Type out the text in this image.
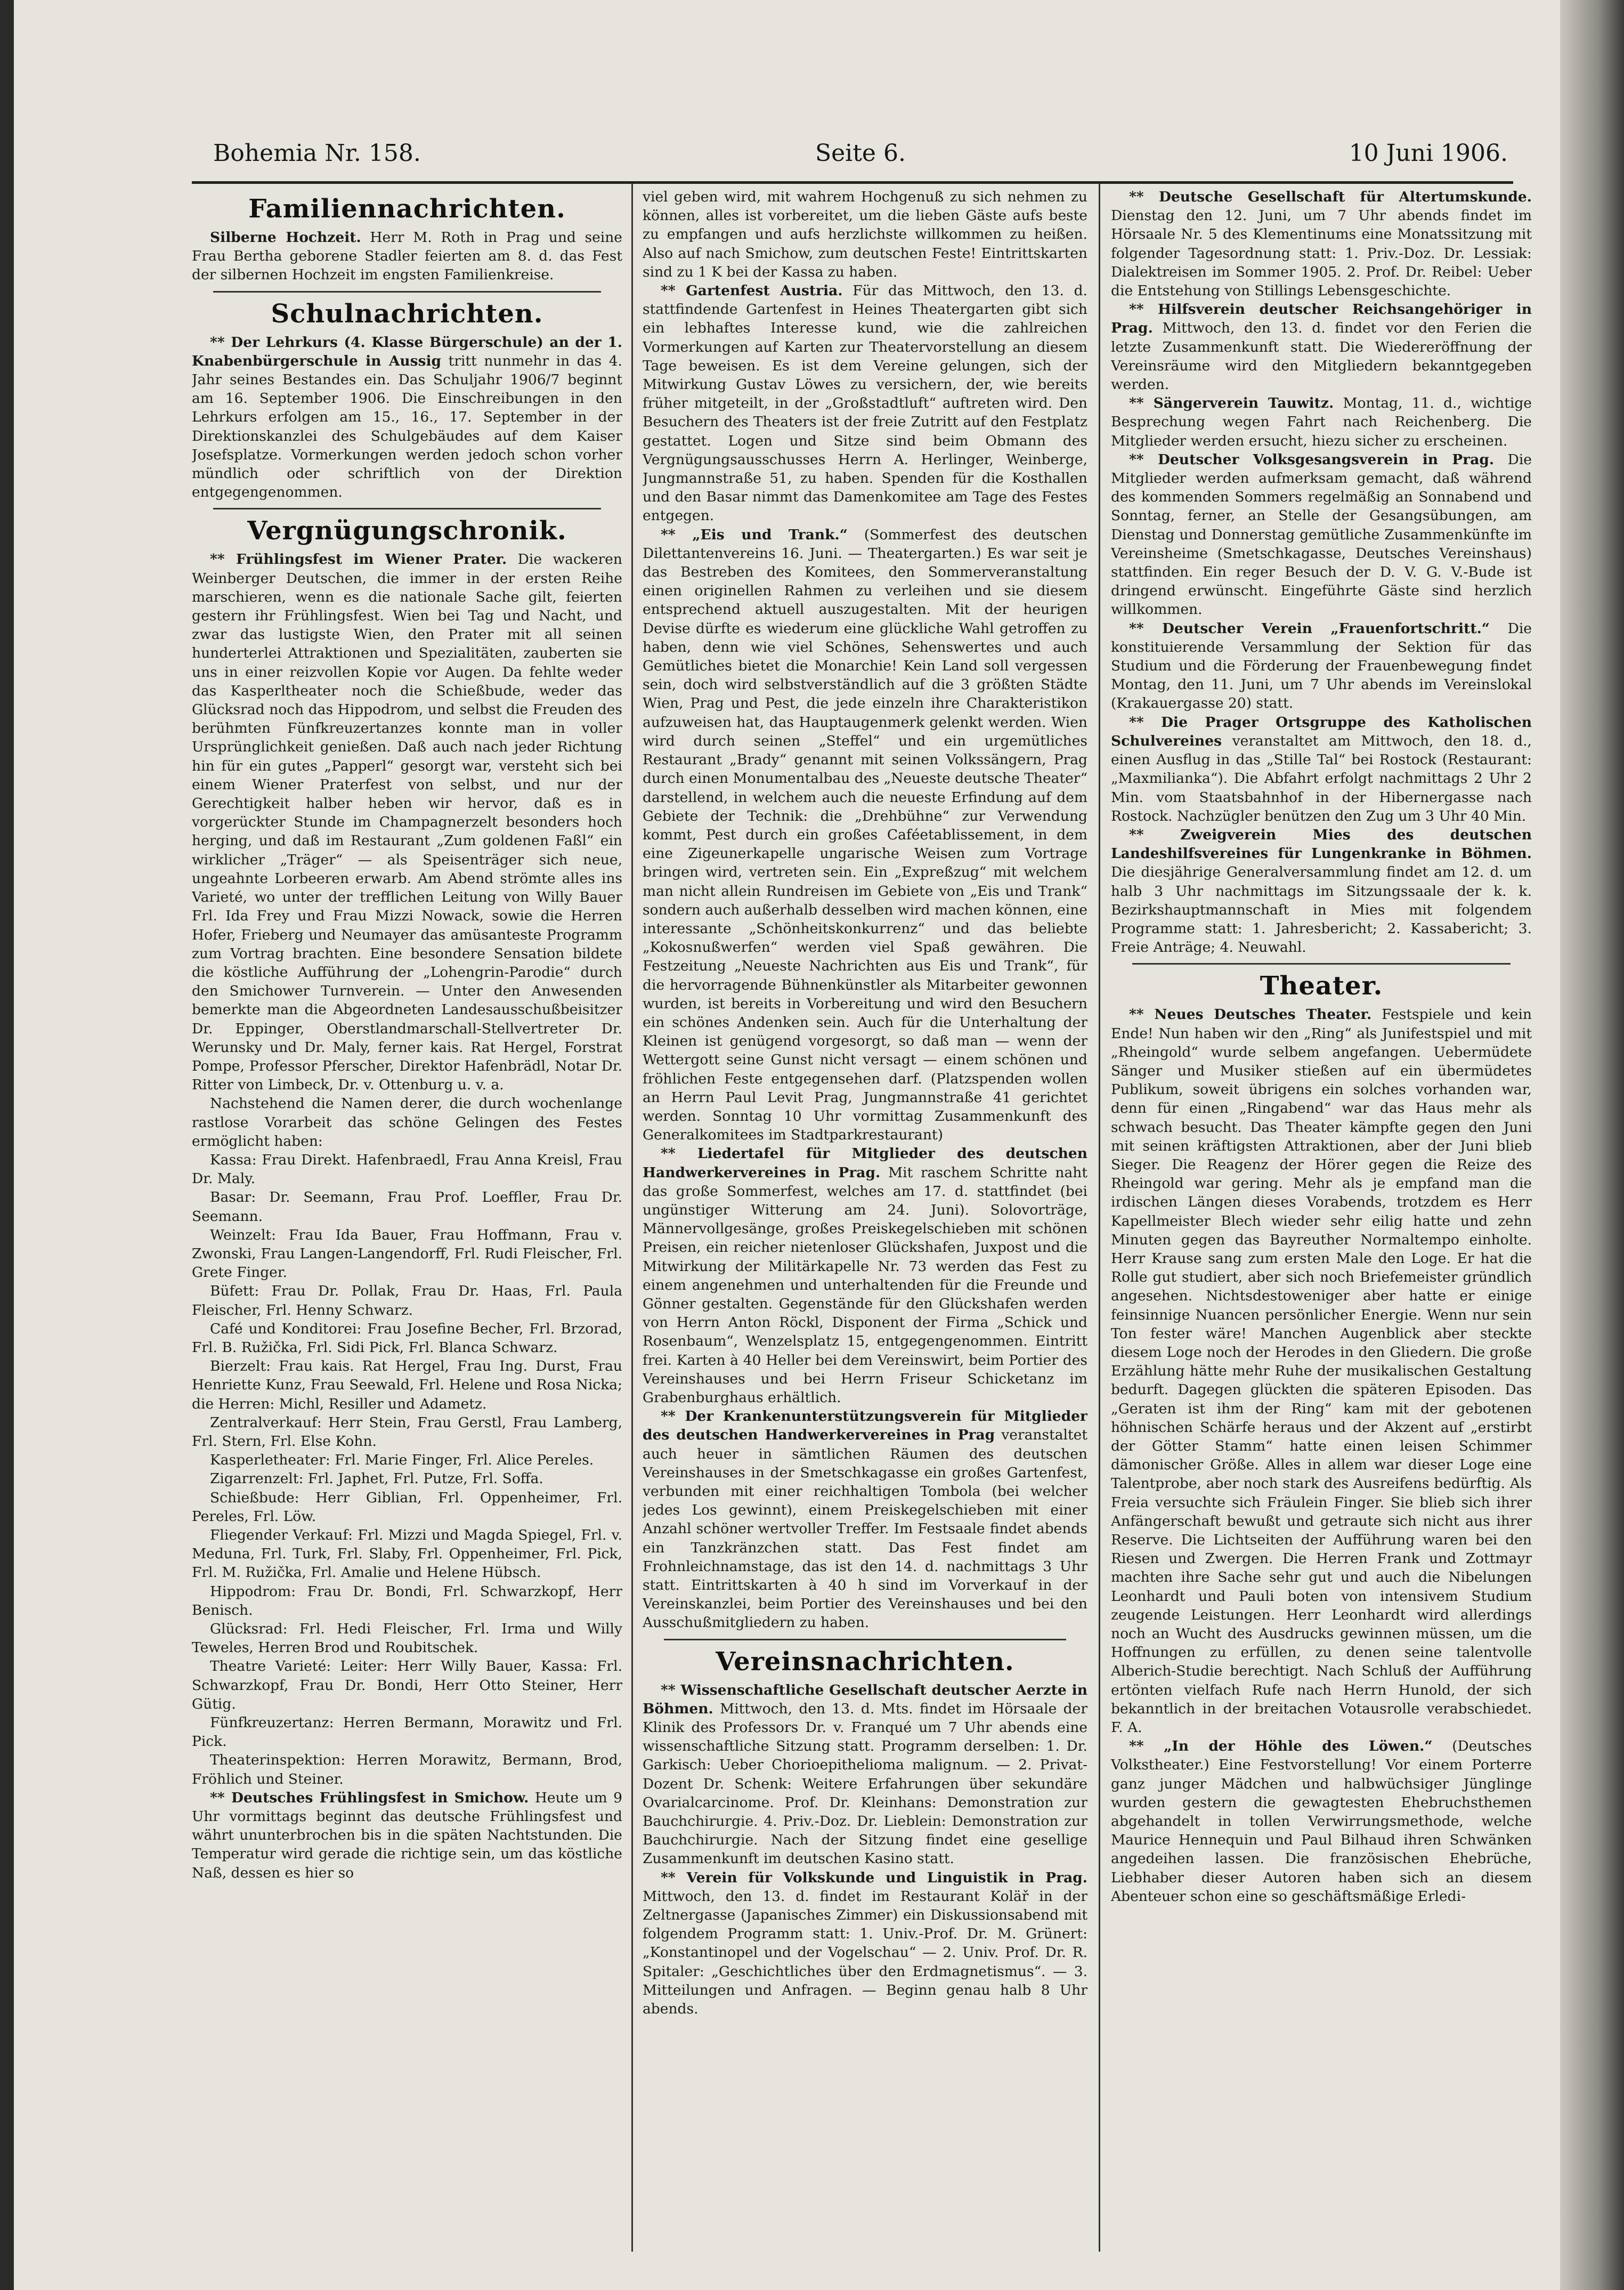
Bohemia Nr. 158.	Seite 6.	10 Juni 1906.
Familiennachrichten.

Silberne Hochzeit. Herr M. Roth in Prag und seine Frau Bertha geborene Stadler feierten am 8. d. das Fest der silbernen Hochzeit im engsten Familienkreise.

Schulnachrichten.

** Der Lehrkurs (4. Klasse Bürgerschule) an der 1. Knabenbürgerschule in Aussig tritt nunmehr in das 4. Jahr seines Bestandes ein. Das Schuljahr 1906/7 beginnt am 16. September 1906. Die Einschreibungen in den Lehrkurs erfolgen am 15., 16., 17. September in der Direktionskanzlei des Schulgebäudes auf dem Kaiser Josefsplatze. Vormerkungen werden jedoch schon vorher mündlich oder schriftlich von der Direktion entgegengenommen.

Vergnügungschronik.

** Frühlingsfest im Wiener Prater. Die wackeren Weinberger Deutschen, die immer in der ersten Reihe marschieren, wenn es die nationale Sache gilt, feierten gestern ihr Frühlingsfest. Wien bei Tag und Nacht, und zwar das lustigste Wien, den Prater mit all seinen hunderterlei Attraktionen und Spezialitäten, zauberten sie uns in einer reizvollen Kopie vor Augen. Da fehlte weder das Kasperltheater noch die Schießbude, weder das Glücksrad noch das Hippodrom, und selbst die Freuden des berühmten Fünfkreuzertanzes konnte man in voller Ursprünglichkeit genießen. Daß auch nach jeder Richtung hin für ein gutes „Papperl“ gesorgt war, versteht sich bei einem Wiener Praterfest von selbst, und nur der Gerechtigkeit halber heben wir hervor, daß es in vorgerückter Stunde im Champagnerzelt besonders hoch herging, und daß im Restaurant „Zum goldenen Faßl“ ein wirklicher „Träger“ — als Speisenträger sich neue, ungeahnte Lorbeeren erwarb. Am Abend strömte alles ins Varieté, wo unter der trefflichen Leitung von Willy Bauer Frl. Ida Frey und Frau Mizzi Nowack, sowie die Herren Hofer, Frieberg und Neumayer das amüsanteste Programm zum Vortrag brachten. Eine besondere Sensation bildete die köstliche Aufführung der „Lohengrin-Parodie“ durch den Smichower Turnverein. — Unter den Anwesenden bemerkte man die Abgeordneten Landesausschußbeisitzer Dr. Eppinger, Oberstlandmarschall-Stellvertreter Dr. Werunsky und Dr. Maly, ferner kais. Rat Hergel, Forstrat Pompe, Professor Pferscher, Direktor Hafenbrädl, Notar Dr. Ritter von Limbeck, Dr. v. Ottenburg u. v. a.

Nachstehend die Namen derer, die durch wochenlange rastlose Vorarbeit das schöne Gelingen des Festes ermöglicht haben:

Kassa: Frau Direkt. Hafenbraedl, Frau Anna Kreisl, Frau Dr. Maly.

Basar: Dr. Seemann, Frau Prof. Loeffler, Frau Dr. Seemann.

Weinzelt: Frau Ida Bauer, Frau Hoffmann, Frau v. Zwonski, Frau Langen-Langendorff, Frl. Rudi Fleischer, Frl. Grete Finger.

Büfett: Frau Dr. Pollak, Frau Dr. Haas, Frl. Paula Fleischer, Frl. Henny Schwarz.

Café und Konditorei: Frau Josefine Becher, Frl. Brzorad, Frl. B. Ružička, Frl. Sidi Pick, Frl. Blanca Schwarz.

Bierzelt: Frau kais. Rat Hergel, Frau Ing. Durst, Frau Henriette Kunz, Frau Seewald, Frl. Helene und Rosa Nicka; die Herren: Michl, Resiller und Adametz.

Zentralverkauf: Herr Stein, Frau Gerstl, Frau Lamberg, Frl. Stern, Frl. Else Kohn.

Kasperletheater: Frl. Marie Finger, Frl. Alice Pereles.

Zigarrenzelt: Frl. Japhet, Frl. Putze, Frl. Soffa.

Schießbude: Herr Giblian, Frl. Oppenheimer, Frl. Pereles, Frl. Löw.

Fliegender Verkauf: Frl. Mizzi und Magda Spiegel, Frl. v. Meduna, Frl. Turk, Frl. Slaby, Frl. Oppenheimer, Frl. Pick, Frl. M. Ružička, Frl. Amalie und Helene Hübsch.

Hippodrom: Frau Dr. Bondi, Frl. Schwarzkopf, Herr Benisch.

Glücksrad: Frl. Hedi Fleischer, Frl. Irma und Willy Teweles, Herren Brod und Roubitschek.

Theatre Varieté: Leiter: Herr Willy Bauer, Kassa: Frl. Schwarzkopf, Frau Dr. Bondi, Herr Otto Steiner, Herr Gütig.

Fünfkreuzertanz: Herren Bermann, Morawitz und Frl. Pick.

Theaterinspektion: Herren Morawitz, Bermann, Brod, Fröhlich und Steiner.

** Deutsches Frühlingsfest in Smichow. Heute um 9 Uhr vormittags beginnt das deutsche Frühlingsfest und währt ununterbrochen bis in die späten Nachtstunden. Die Temperatur wird gerade die richtige sein, um das köstliche Naß, dessen es hier so

viel geben wird, mit wahrem Hochgenuß zu sich nehmen zu können, alles ist vorbereitet, um die lieben Gäste aufs beste zu empfangen und aufs herzlichste willkommen zu heißen. Also auf nach Smichow, zum deutschen Feste! Eintrittskarten sind zu 1 K bei der Kassa zu haben.

** Gartenfest Austria. Für das Mittwoch, den 13. d. stattfindende Gartenfest in Heines Theatergarten gibt sich ein lebhaftes Interesse kund, wie die zahlreichen Vormerkungen auf Karten zur Theatervorstellung an diesem Tage beweisen. Es ist dem Vereine gelungen, sich der Mitwirkung Gustav Löwes zu versichern, der, wie bereits früher mitgeteilt, in der „Großstadtluft“ auftreten wird. Den Besuchern des Theaters ist der freie Zutritt auf den Festplatz gestattet. Logen und Sitze sind beim Obmann des Vergnügungsausschusses Herrn A. Herlinger, Weinberge, Jungmannstraße 51, zu haben. Spenden für die Kosthallen und den Basar nimmt das Damenkomitee am Tage des Festes entgegen.

** „Eis und Trank.“ (Sommerfest des deutschen Dilettantenvereins 16. Juni. — Theatergarten.) Es war seit je das Bestreben des Komitees, den Sommerveranstaltung einen originellen Rahmen zu verleihen und sie diesem entsprechend aktuell auszugestalten. Mit der heurigen Devise dürfte es wiederum eine glückliche Wahl getroffen zu haben, denn wie viel Schönes, Sehenswertes und auch Gemütliches bietet die Monarchie! Kein Land soll vergessen sein, doch wird selbstverständlich auf die 3 größten Städte Wien, Prag und Pest, die jede einzeln ihre Charakteristikon aufzuweisen hat, das Hauptaugenmerk gelenkt werden. Wien wird durch seinen „Steffel“ und ein urgemütliches Restaurant „Brady“ genannt mit seinen Volkssängern, Prag durch einen Monumentalbau des „Neueste deutsche Theater“ darstellend, in welchem auch die neueste Erfindung auf dem Gebiete der Technik: die „Drehbühne“ zur Verwendung kommt, Pest durch ein großes Caféetablissement, in dem eine Zigeunerkapelle ungarische Weisen zum Vortrage bringen wird, vertreten sein. Ein „Expreßzug“ mit welchem man nicht allein Rundreisen im Gebiete von „Eis und Trank“ sondern auch außerhalb desselben wird machen können, eine interessante „Schönheitskonkurrenz“ und das beliebte „Kokosnußwerfen“ werden viel Spaß gewähren. Die Festzeitung „Neueste Nachrichten aus Eis und Trank“, für die hervorragende Bühnenkünstler als Mitarbeiter gewonnen wurden, ist bereits in Vorbereitung und wird den Besuchern ein schönes Andenken sein. Auch für die Unterhaltung der Kleinen ist genügend vorgesorgt, so daß man — wenn der Wettergott seine Gunst nicht versagt — einem schönen und fröhlichen Feste entgegensehen darf. (Platzspenden wollen an Herrn Paul Levit Prag, Jungmannstraße 41 gerichtet werden. Sonntag 10 Uhr vormittag Zusammenkunft des Generalkomitees im Stadtparkrestaurant)

** Liedertafel für Mitglieder des deutschen Handwerkervereines in Prag. Mit raschem Schritte naht das große Sommerfest, welches am 17. d. stattfindet (bei ungünstiger Witterung am 24. Juni). Solovorträge, Männervollgesänge, großes Preiskegelschieben mit schönen Preisen, ein reicher nietenloser Glückshafen, Juxpost und die Mitwirkung der Militärkapelle Nr. 73 werden das Fest zu einem angenehmen und unterhaltenden für die Freunde und Gönner gestalten. Gegenstände für den Glückshafen werden von Herrn Anton Röckl, Disponent der Firma „Schick und Rosenbaum“, Wenzelsplatz 15, entgegengenommen. Eintritt frei. Karten à 40 Heller bei dem Vereinswirt, beim Portier des Vereinshauses und bei Herrn Friseur Schicketanz im Grabenburghaus erhältlich.

** Der Krankenunterstützungsverein für Mitglieder des deutschen Handwerkervereines in Prag veranstaltet auch heuer in sämtlichen Räumen des deutschen Vereinshauses in der Smetschkagasse ein großes Gartenfest, verbunden mit einer reichhaltigen Tombola (bei welcher jedes Los gewinnt), einem Preiskegelschieben mit einer Anzahl schöner wertvoller Treffer. Im Festsaale findet abends ein Tanzkränzchen statt. Das Fest findet am Frohnleichnamstage, das ist den 14. d. nachmittags 3 Uhr statt. Eintrittskarten à 40 h sind im Vorverkauf in der Vereinskanzlei, beim Portier des Vereinshauses und bei den Ausschußmitgliedern zu haben.

Vereinsnachrichten.

** Wissenschaftliche Gesellschaft deutscher Aerzte in Böhmen. Mittwoch, den 13. d. Mts. findet im Hörsaale der Klinik des Professors Dr. v. Franqué um 7 Uhr abends eine wissenschaftliche Sitzung statt. Programm derselben: 1. Dr. Garkisch: Ueber Chorioepithelioma malignum. — 2. Privat-Dozent Dr. Schenk: Weitere Erfahrungen über sekundäre Ovarialcarcinome. Prof. Dr. Kleinhans: Demonstration zur Bauchchirurgie. 4. Priv.-Doz. Dr. Lieblein: Demonstration zur Bauchchirurgie. Nach der Sitzung findet eine gesellige Zusammenkunft im deutschen Kasino statt.

** Verein für Volkskunde und Linguistik in Prag. Mittwoch, den 13. d. findet im Restaurant Koläř in der Zeltnergasse (Japanisches Zimmer) ein Diskussionsabend mit folgendem Programm statt: 1. Univ.-Prof. Dr. M. Grünert: „Konstantinopel und der Vogelschau“ — 2. Univ. Prof. Dr. R. Spitaler: „Geschichtliches über den Erdmagnetismus“. — 3. Mitteilungen und Anfragen. — Beginn genau halb 8 Uhr abends.

** Deutsche Gesellschaft für Altertumskunde. Dienstag den 12. Juni, um 7 Uhr abends findet im Hörsaale Nr. 5 des Klementinums eine Monatssitzung mit folgender Tagesordnung statt: 1. Priv.-Doz. Dr. Lessiak: Dialektreisen im Sommer 1905. 2. Prof. Dr. Reibel: Ueber die Entstehung von Stillings Lebensgeschichte.

** Hilfsverein deutscher Reichsangehöriger in Prag. Mittwoch, den 13. d. findet vor den Ferien die letzte Zusammenkunft statt. Die Wiedereröffnung der Vereinsräume wird den Mitgliedern bekanntgegeben werden.

** Sängerverein Tauwitz. Montag, 11. d., wichtige Besprechung wegen Fahrt nach Reichenberg. Die Mitglieder werden ersucht, hiezu sicher zu erscheinen.

** Deutscher Volksgesangsverein in Prag. Die Mitglieder werden aufmerksam gemacht, daß während des kommenden Sommers regelmäßig an Sonnabend und Sonntag, ferner, an Stelle der Gesangsübungen, am Dienstag und Donnerstag gemütliche Zusammenkünfte im Vereinsheime (Smetschkagasse, Deutsches Vereinshaus) stattfinden. Ein reger Besuch der D. V. G. V.-Bude ist dringend erwünscht. Eingeführte Gäste sind herzlich willkommen.

** Deutscher Verein „Frauenfortschritt.“ Die konstituierende Versammlung der Sektion für das Studium und die Förderung der Frauenbewegung findet Montag, den 11. Juni, um 7 Uhr abends im Vereinslokal (Krakauergasse 20) statt.

** Die Prager Ortsgruppe des Katholischen Schulvereines veranstaltet am Mittwoch, den 18. d., einen Ausflug in das „Stille Tal“ bei Rostock (Restaurant: „Maxmilianka“). Die Abfahrt erfolgt nachmittags 2 Uhr 2 Min. vom Staatsbahnhof in der Hibernergasse nach Rostock. Nachzügler benützen den Zug um 3 Uhr 40 Min.

** Zweigverein Mies des deutschen Landeshilfsvereines für Lungenkranke in Böhmen. Die diesjährige Generalversammlung findet am 12. d. um halb 3 Uhr nachmittags im Sitzungssaale der k. k. Bezirkshauptmannschaft in Mies mit folgendem Programme statt: 1. Jahresbericht; 2. Kassabericht; 3. Freie Anträge; 4. Neuwahl.

Theater.

** Neues Deutsches Theater. Festspiele und kein Ende! Nun haben wir den „Ring“ als Junifestspiel und mit „Rheingold“ wurde selbem angefangen. Uebermüdete Sänger und Musiker stießen auf ein übermüdetes Publikum, soweit übrigens ein solches vorhanden war, denn für einen „Ringabend“ war das Haus mehr als schwach besucht. Das Theater kämpfte gegen den Juni mit seinen kräftigsten Attraktionen, aber der Juni blieb Sieger. Die Reagenz der Hörer gegen die Reize des Rheingold war gering. Mehr als je empfand man die irdischen Längen dieses Vorabends, trotzdem es Herr Kapellmeister Blech wieder sehr eilig hatte und zehn Minuten gegen das Bayreuther Normaltempo einholte. Herr Krause sang zum ersten Male den Loge. Er hat die Rolle gut studiert, aber sich noch Briefemeister gründlich angesehen. Nichtsdestoweniger aber hatte er einige feinsinnige Nuancen persönlicher Energie. Wenn nur sein Ton fester wäre! Manchen Augenblick aber steckte diesem Loge noch der Herodes in den Gliedern. Die große Erzählung hätte mehr Ruhe der musikalischen Gestaltung bedurft. Dagegen glückten die späteren Episoden. Das „Geraten ist ihm der Ring“ kam mit der gebotenen höhnischen Schärfe heraus und der Akzent auf „erstirbt der Götter Stamm“ hatte einen leisen Schimmer dämonischer Größe. Alles in allem war dieser Loge eine Talentprobe, aber noch stark des Ausreifens bedürftig. Als Freia versuchte sich Fräulein Finger. Sie blieb sich ihrer Anfängerschaft bewußt und getraute sich nicht aus ihrer Reserve. Die Lichtseiten der Aufführung waren bei den Riesen und Zwergen. Die Herren Frank und Zottmayr machten ihre Sache sehr gut und auch die Nibelungen Leonhardt und Pauli boten von intensivem Studium zeugende Leistungen. Herr Leonhardt wird allerdings noch an Wucht des Ausdrucks gewinnen müssen, um die Hoffnungen zu erfüllen, zu denen seine talentvolle Alberich-Studie berechtigt. Nach Schluß der Aufführung ertönten vielfach Rufe nach Herrn Hunold, der sich bekanntlich in der breitachen Votausrolle verabschiedet. F. A.

** „In der Höhle des Löwen.“ (Deutsches Volkstheater.) Eine Festvorstellung! Vor einem Porterre ganz junger Mädchen und halbwüchsiger Jünglinge wurden gestern die gewagtesten Ehebruchsthemen abgehandelt in tollen Verwirrungsmethode, welche Maurice Hennequin und Paul Bilhaud ihren Schwänken angedeihen lassen. Die französischen Ehebrüche, Liebhaber dieser Autoren haben sich an diesem Abenteuer schon eine so geschäftsmäßige Erledi-
